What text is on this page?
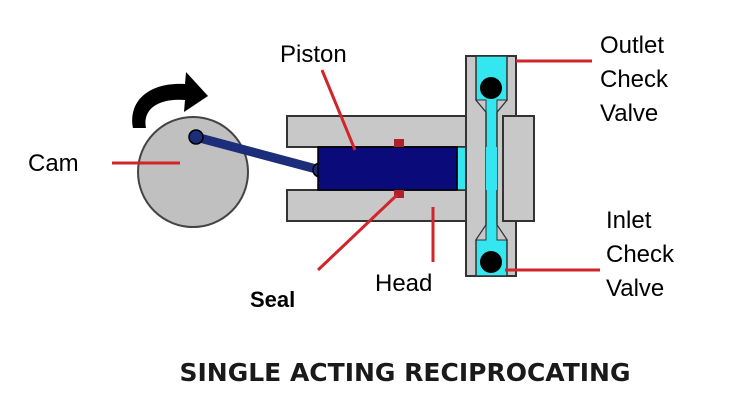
Piston
Cam
Seal
Head
Outlet
Check
Valve
Inlet
Check
Valve
SINGLE ACTING RECIPROCATING
